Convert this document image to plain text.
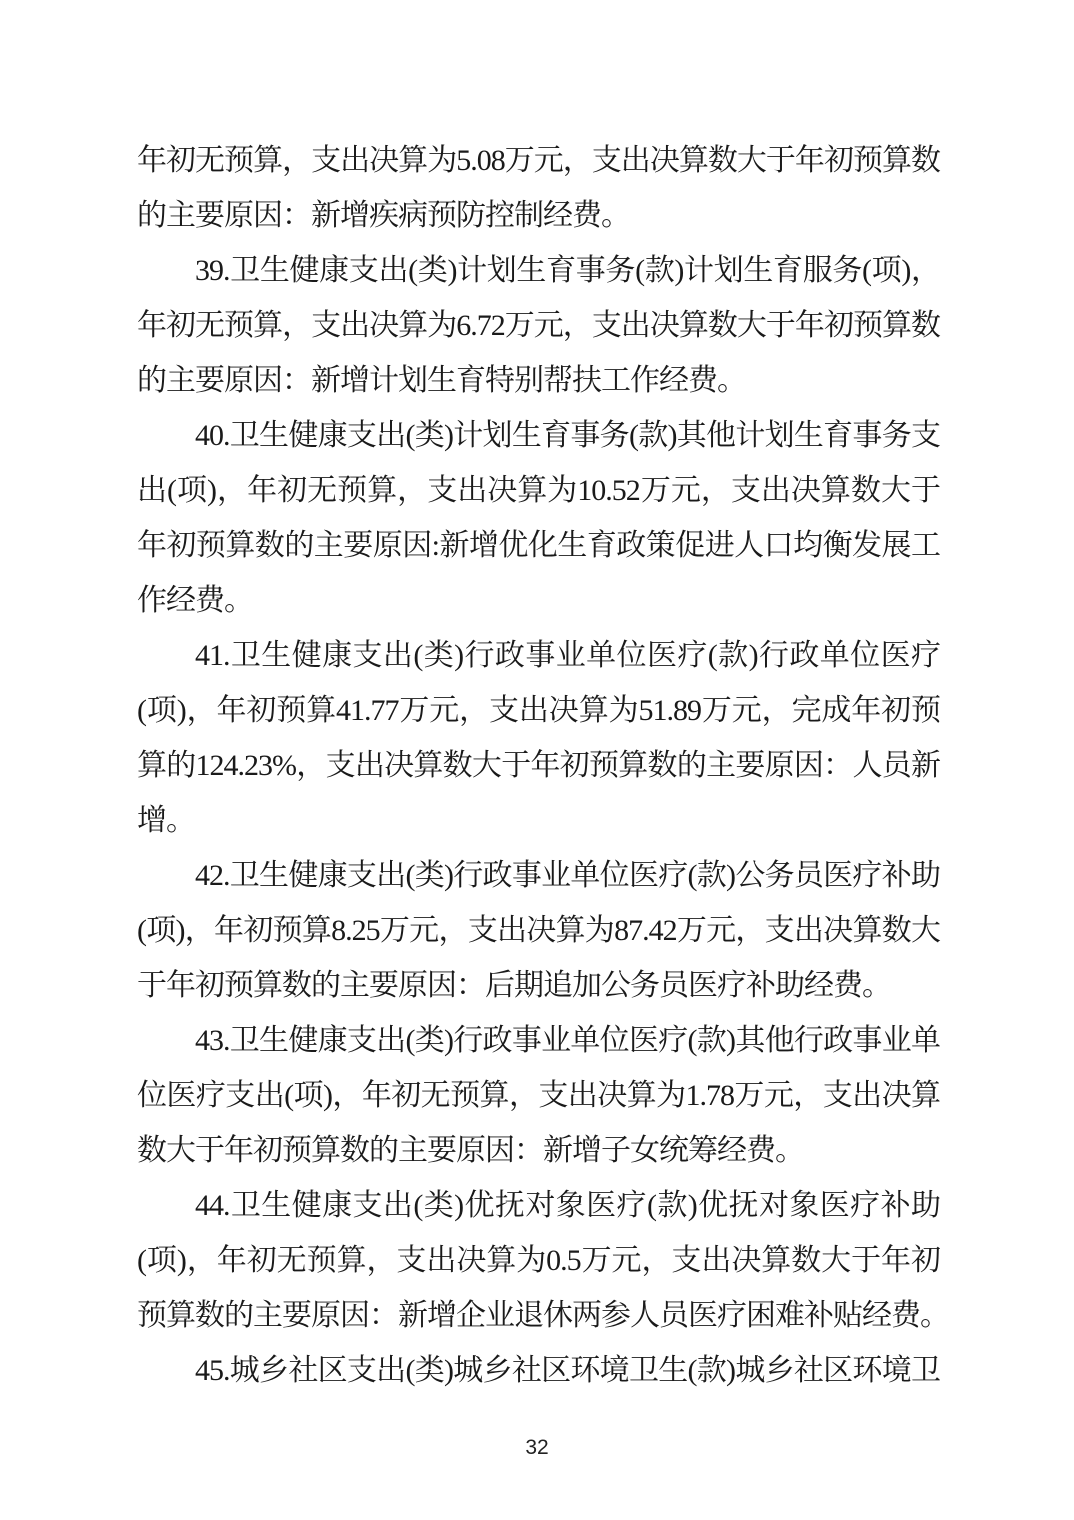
年初无预算，支出决算为5.08万元，支出决算数大于年初预算数
的主要原因：新增疾病预防控制经费。
39.卫生健康支出(类)计划生育事务(款)计划生育服务(项)，
年初无预算，支出决算为6.72万元，支出决算数大于年初预算数
的主要原因：新增计划生育特别帮扶工作经费。
40.卫生健康支出(类)计划生育事务(款)其他计划生育事务支
出(项)，年初无预算，支出决算为10.52万元，支出决算数大于
年初预算数的主要原因:新增优化生育政策促进人口均衡发展工
作经费。
41.卫生健康支出(类)行政事业单位医疗(款)行政单位医疗
(项)，年初预算41.77万元，支出决算为51.89万元，完成年初预
算的124.23%，支出决算数大于年初预算数的主要原因：人员新
增。
42.卫生健康支出(类)行政事业单位医疗(款)公务员医疗补助
(项)，年初预算8.25万元，支出决算为87.42万元，支出决算数大
于年初预算数的主要原因：后期追加公务员医疗补助经费。
43.卫生健康支出(类)行政事业单位医疗(款)其他行政事业单
位医疗支出(项)，年初无预算，支出决算为1.78万元，支出决算
数大于年初预算数的主要原因：新增子女统筹经费。
44.卫生健康支出(类)优抚对象医疗(款)优抚对象医疗补助
(项)，年初无预算，支出决算为0.5万元，支出决算数大于年初
预算数的主要原因：新增企业退休两参人员医疗困难补贴经费。
45.城乡社区支出(类)城乡社区环境卫生(款)城乡社区环境卫
32
